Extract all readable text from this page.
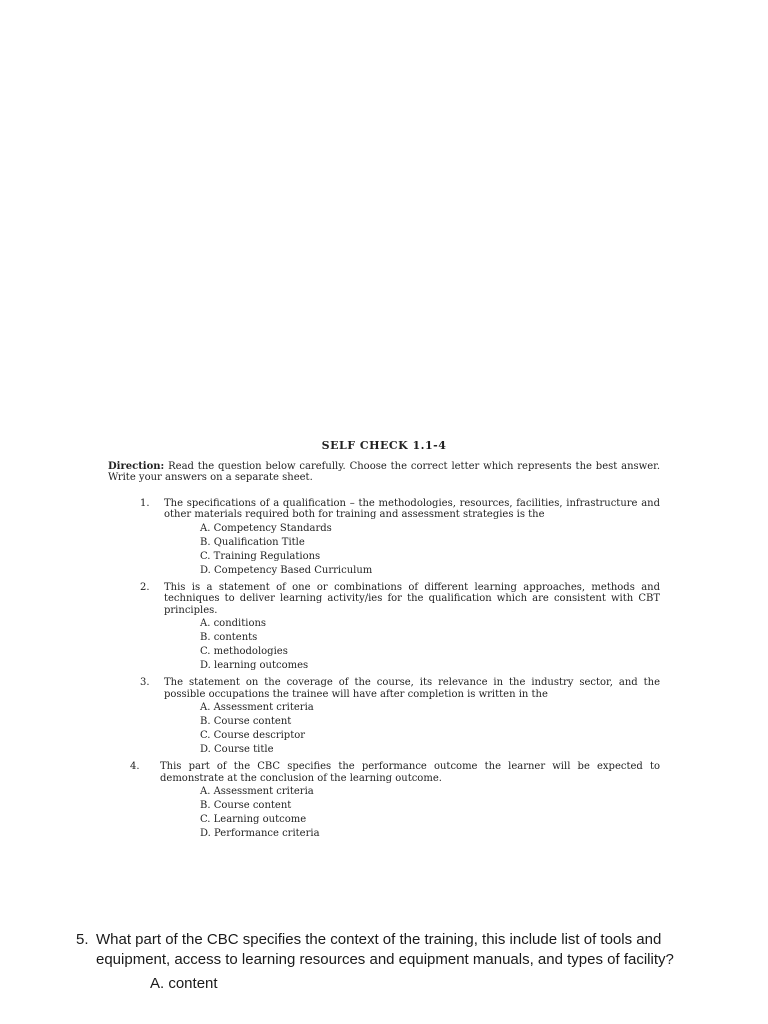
SELF CHECK 1.1-4

Direction: Read the question below carefully. Choose the correct letter which represents the best answer. Write your answers on a separate sheet.

1. The specifications of a qualification – the methodologies, resources, facilities, infrastructure and other materials required both for training and assessment strategies is the

A. Competency Standards
B. Qualification Title
C. Training Regulations
D. Competency Based Curriculum
2. This is a statement of one or combinations of different learning approaches, methods and techniques to deliver learning activity/ies for the qualification which are consistent with CBT principles.

A. conditions
B. contents
C. methodologies
D. learning outcomes
3. The statement on the coverage of the course, its relevance in the industry sector, and the possible occupations the trainee will have after completion is written in the

A. Assessment criteria
B. Course content
C. Course descriptor
D. Course title
4. This part of the CBC specifies the performance outcome the learner will be expected to demonstrate at the conclusion of the learning outcome.

A. Assessment criteria
B. Course content
C. Learning outcome
D. Performance criteria
5. What part of the CBC specifies the context of the training, this include list of tools and equipment, access to learning resources and equipment manuals, and types of facility?

A. content
